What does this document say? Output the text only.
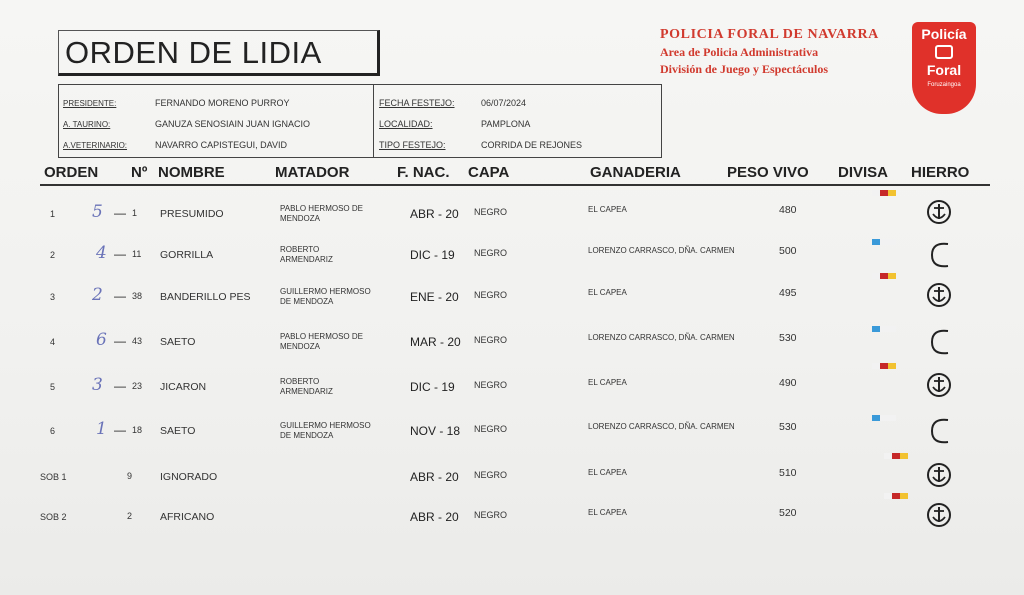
ORDEN DE LIDIA
POLICIA FORAL DE NAVARRA
Area de Policia Administrativa
División de Juego y Espectáculos
Policía
Foral
Foruzaingoa
PRESIDENTE:	FERNANDO MORENO PURROY
A. TAURINO:	GANUZA SENOSIAIN JUAN IGNACIO
A.VETERINARIO:	NAVARRO CAPISTEGUI, DAVID
FECHA FESTEJO:	06/07/2024
LOCALIDAD:	PAMPLONA
TIPO FESTEJO:	CORRIDA DE REJONES
ORDEN Nº NOMBRE	MATADOR	F. NAC. CAPA	GANADERIA	PESO VIVO DIVISA HIERRO
1 5 — 1 PRESUMIDO	PABLO HERMOSO DE
MENDOZA	ABR - 20 NEGRO	EL CAPEA	480
2 4 — 11 GORRILLA	ROBERTO
ARMENDARIZ	DIC - 19 NEGRO	LORENZO CARRASCO, DÑA. CARMEN	500
3 2 — 38 BANDERILLO PES	GUILLERMO HERMOSO
DE MENDOZA	ENE - 20 NEGRO	EL CAPEA	495
4 6 — 43 SAETO	PABLO HERMOSO DE
MENDOZA	MAR - 20 NEGRO	LORENZO CARRASCO, DÑA. CARMEN	530
5 3 — 23 JICARON	ROBERTO
ARMENDARIZ	DIC - 19 NEGRO	EL CAPEA	490
6 1 — 18 SAETO	GUILLERMO HERMOSO
DE MENDOZA	NOV - 18 NEGRO	LORENZO CARRASCO, DÑA. CARMEN	530
SOB 1	9	IGNORADO	ABR - 20 NEGRO	EL CAPEA	510
SOB 2	2	AFRICANO	ABR - 20 NEGRO	EL CAPEA	520
